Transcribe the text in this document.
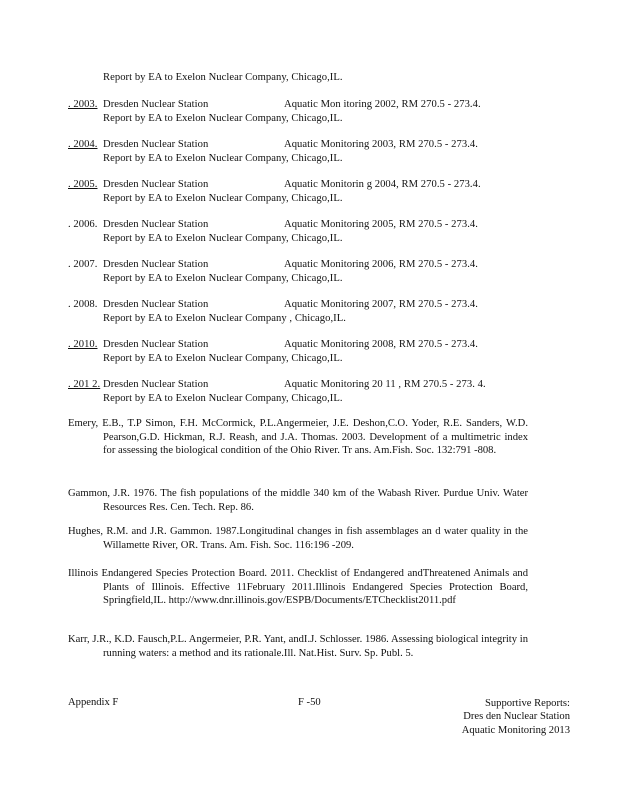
Report by EA to Exelon Nuclear Company, Chicago,IL.
. 2003. Dresden Nuclear Station	Aquatic Mon itoring 2002, RM 270.5 - 273.4.
Report by EA to Exelon Nuclear Company, Chicago,IL.
. 2004. Dresden Nuclear Station	Aquatic Monitoring 2003, RM 270.5 - 273.4.
Report by EA to Exelon Nuclear Company, Chicago,IL.
. 2005. Dresden Nuclear Station	Aquatic Monitorin g 2004, RM 270.5 - 273.4.
Report by EA to Exelon Nuclear Company, Chicago,IL.
. 2006. Dresden Nuclear Station	Aquatic Monitoring 2005, RM 270.5 - 273.4.
Report by EA to Exelon Nuclear Company, Chicago,IL.
. 2007. Dresden Nuclear Station	Aquatic Monitoring 2006, RM 270.5 - 273.4.
Report by EA to Exelon Nuclear Company, Chicago,IL.
. 2008. Dresden Nuclear Station	Aquatic Monitoring 2007, RM 270.5 - 273.4.
Report by EA to Exelon Nuclear Company , Chicago,IL.
. 2010. Dresden Nuclear Station	Aquatic Monitoring 2008, RM 270.5 - 273.4.
Report by EA to Exelon Nuclear Company, Chicago,IL.
. 201 2. Dresden Nuclear Station	Aquatic Monitoring 20 11 , RM 270.5 - 273. 4.
Report by EA to Exelon Nuclear Company, Chicago,IL.

Emery, E.B., T.P Simon, F.H. McCormick, P.L.Angermeier, J.E. Deshon,C.O. Yoder, R.E. Sanders, W.D. Pearson,G.D. Hickman, R.J. Reash, and J.A. Thomas. 2003. Development of a multimetric index for assessing the biological condition of the Ohio River. Tr ans. Am.Fish. Soc. 132:791 -808.

Gammon, J.R. 1976. The fish populations of the middle 340 km of the Wabash River. Purdue Univ. Water Resources Res. Cen. Tech. Rep. 86.

Hughes, R.M. and J.R. Gammon. 1987.Longitudinal changes in fish assemblages an d water quality in the Willamette River, OR. Trans. Am. Fish. Soc. 116:196 -209.

Illinois Endangered Species Protection Board. 2011. Checklist of Endangered andThreatened Animals and Plants of Illinois. Effective 11February 2011.Illinois Endangered Species Protection Board, Springfield,IL. http://www.dnr.illinois.gov/ESPB/Documents/ETChecklist2011.pdf

Karr, J.R., K.D. Fausch,P.L. Angermeier, P.R. Yant, andI.J. Schlosser. 1986. Assessing biological integrity in running waters: a method and its rationale.Ill. Nat.Hist. Surv. Sp. Publ. 5.

Appendix F	F -50	Supportive Reports:
Dres den Nuclear Station
Aquatic Monitoring 2013
